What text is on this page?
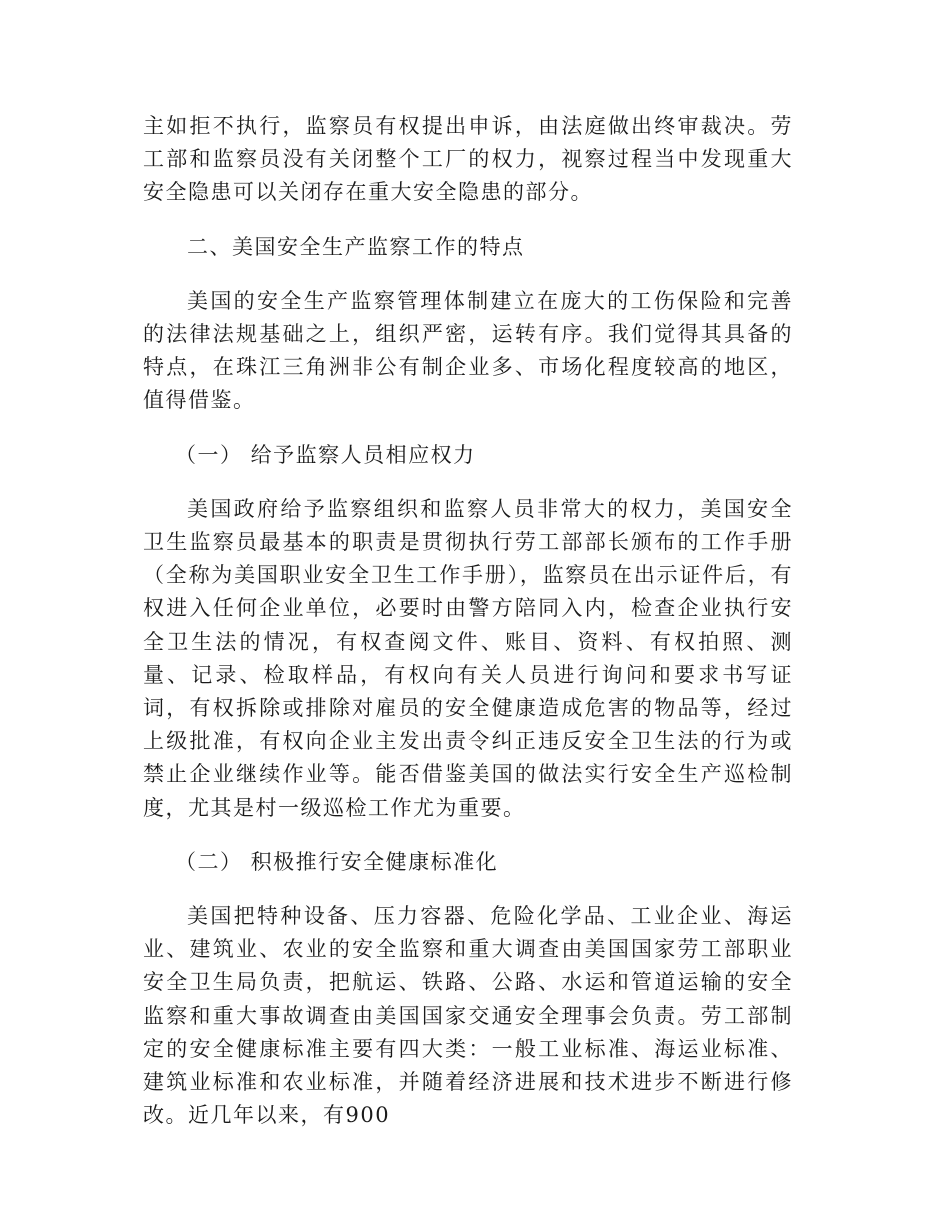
主如拒不执行，监察员有权提出申诉，由法庭做出终审裁决。劳工部和监察员没有关闭整个工厂的权力，视察过程当中发现重大安全隐患可以关闭存在重大安全隐患的部分。

二、美国安全生产监察工作的特点

美国的安全生产监察管理体制建立在庞大的工伤保险和完善的法律法规基础之上，组织严密，运转有序。我们觉得其具备的特点，在珠江三角洲非公有制企业多、市场化程度较高的地区，值得借鉴。

（一） 给予监察人员相应权力

美国政府给予监察组织和监察人员非常大的权力，美国安全卫生监察员最基本的职责是贯彻执行劳工部部长颁布的工作手册（全称为美国职业安全卫生工作手册），监察员在出示证件后，有权进入任何企业单位，必要时由警方陪同入内，检查企业执行安全卫生法的情况，有权查阅文件、账目、资料、有权拍照、测量、记录、检取样品，有权向有关人员进行询问和要求书写证词，有权拆除或排除对雇员的安全健康造成危害的物品等，经过上级批准，有权向企业主发出责令纠正违反安全卫生法的行为或禁止企业继续作业等。能否借鉴美国的做法实行安全生产巡检制度，尤其是村一级巡检工作尤为重要。

（二） 积极推行安全健康标准化

美国把特种设备、压力容器、危险化学品、工业企业、海运业、建筑业、农业的安全监察和重大调查由美国国家劳工部职业安全卫生局负责，把航运、铁路、公路、水运和管道运输的安全监察和重大事故调查由美国国家交通安全理事会负责。劳工部制定的安全健康标准主要有四大类：一般工业标准、海运业标准、建筑业标准和农业标准，并随着经济进展和技术进步不断进行修改。近几年以来，有900
